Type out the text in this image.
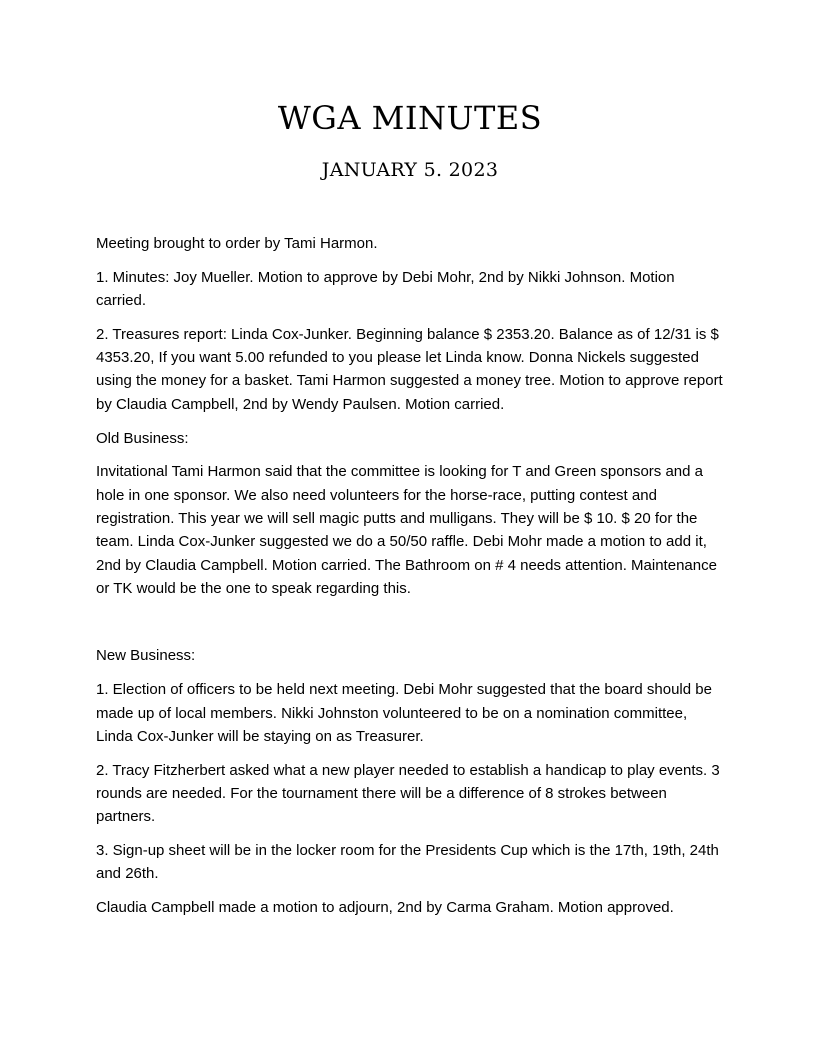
WGA MINUTES
JANUARY 5. 2023

Meeting brought to order by Tami Harmon.

1. Minutes: Joy Mueller. Motion to approve by Debi Mohr, 2nd by Nikki Johnson. Motion carried.

2. Treasures report: Linda Cox-Junker. Beginning balance $ 2353.20. Balance as of 12/31 is $ 4353.20, If you want 5.00 refunded to you please let Linda know. Donna Nickels suggested using the money for a basket. Tami Harmon suggested a money tree. Motion to approve report by Claudia Campbell, 2nd by Wendy Paulsen. Motion carried.

Old Business:

Invitational Tami Harmon said that the committee is looking for T and Green sponsors and a hole in one sponsor. We also need volunteers for the horse-race, putting contest and registration. This year we will sell magic putts and mulligans. They will be $ 10. $ 20 for the team. Linda Cox-Junker suggested we do a 50/50 raffle. Debi Mohr made a motion to add it, 2nd by Claudia Campbell. Motion carried. The Bathroom on # 4 needs attention. Maintenance or TK would be the one to speak regarding this.

New Business:

1. Election of officers to be held next meeting. Debi Mohr suggested that the board should be made up of local members. Nikki Johnston volunteered to be on a nomination committee, Linda Cox-Junker will be staying on as Treasurer.

2. Tracy Fitzherbert asked what a new player needed to establish a handicap to play events. 3 rounds are needed. For the tournament there will be a difference of 8 strokes between partners.

3. Sign-up sheet will be in the locker room for the Presidents Cup which is the 17th, 19th, 24th and 26th.

Claudia Campbell made a motion to adjourn, 2nd by Carma Graham. Motion approved.
